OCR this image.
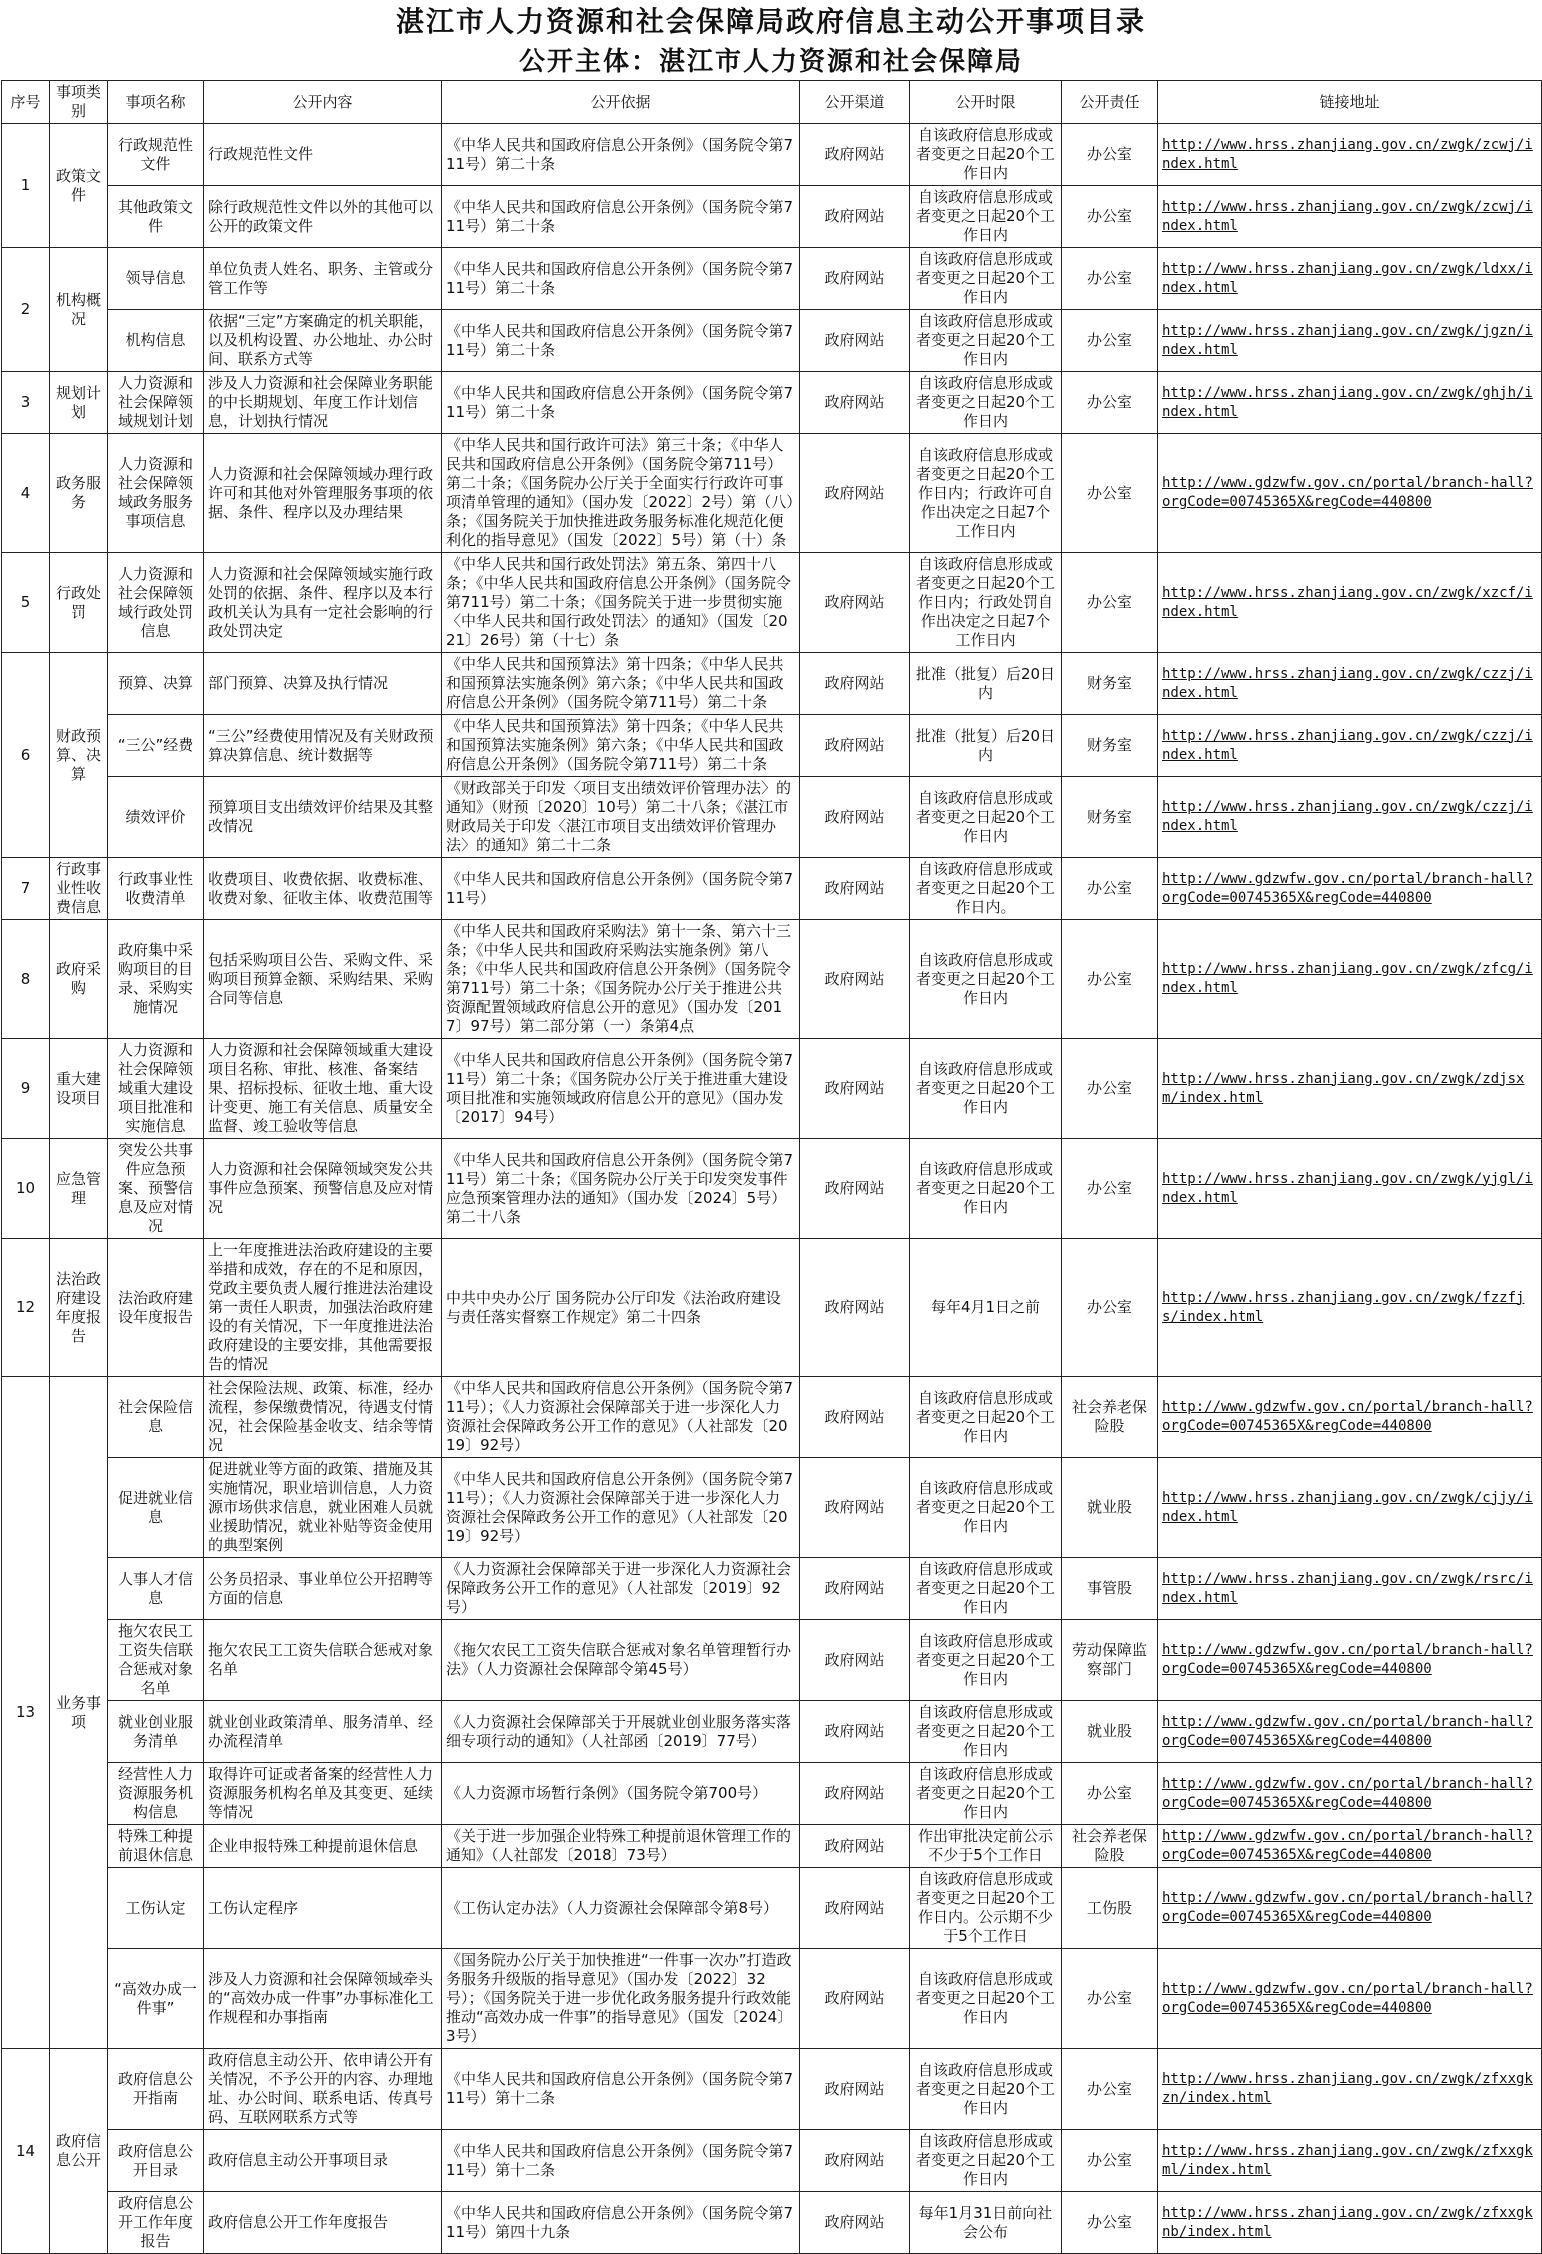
湛江市人力资源和社会保障局政府信息主动公开事项目录
公开主体：湛江市人力资源和社会保障局
序号	事项类别	事项名称	公开内容	公开依据	公开渠道	公开时限	公开责任	链接地址
1	政策文件	行政规范性文件	行政规范性文件	《中华人民共和国政府信息公开条例》（国务院令第711号）第二十条	政府网站	自该政府信息形成或者变更之日起20个工作日内	办公室	http://www.hrss.zhanjiang.gov.cn/zwgk/zcwj/index.html
		其他政策文件	除行政规范性文件以外的其他可以公开的政策文件	《中华人民共和国政府信息公开条例》（国务院令第711号）第二十条	政府网站	自该政府信息形成或者变更之日起20个工作日内	办公室	http://www.hrss.zhanjiang.gov.cn/zwgk/zcwj/index.html
2	机构概况	领导信息	单位负责人姓名、职务、主管或分管工作等	《中华人民共和国政府信息公开条例》（国务院令第711号）第二十条	政府网站	自该政府信息形成或者变更之日起20个工作日内	办公室	http://www.hrss.zhanjiang.gov.cn/zwgk/ldxx/index.html
		机构信息	依据“三定”方案确定的机关职能，以及机构设置、办公地址、办公时间、联系方式等	《中华人民共和国政府信息公开条例》（国务院令第711号）第二十条	政府网站	自该政府信息形成或者变更之日起20个工作日内	办公室	http://www.hrss.zhanjiang.gov.cn/zwgk/jgzn/index.html
3	规划计划	人力资源和社会保障领域规划计划	涉及人力资源和社会保障业务职能的中长期规划、年度工作计划信息，计划执行情况	《中华人民共和国政府信息公开条例》（国务院令第711号）第二十条	政府网站	自该政府信息形成或者变更之日起20个工作日内	办公室	http://www.hrss.zhanjiang.gov.cn/zwgk/ghjh/index.html
4	政务服务	人力资源和社会保障领域政务服务事项信息	人力资源和社会保障领域办理行政许可和其他对外管理服务事项的依据、条件、程序以及办理结果	《中华人民共和国行政许可法》第三十条；《中华人民共和国政府信息公开条例》（国务院令第711号）第二十条；《国务院办公厅关于全面实行行政许可事项清单管理的通知》（国办发〔2022〕2号）第（八）条；《国务院关于加快推进政务服务标准化规范化便利化的指导意见》（国发〔2022〕5号）第（十）条	政府网站	自该政府信息形成或者变更之日起20个工作日内；行政许可自作出决定之日起7个工作日内	办公室	http://www.gdzwfw.gov.cn/portal/branch-hall?orgCode=00745365X&regCode=440800
5	行政处罚	人力资源和社会保障领域行政处罚信息	人力资源和社会保障领域实施行政处罚的依据、条件、程序以及本行政机关认为具有一定社会影响的行政处罚决定	《中华人民共和国行政处罚法》第五条、第四十八条；《中华人民共和国政府信息公开条例》（国务院令第711号）第二十条；《国务院关于进一步贯彻实施〈中华人民共和国行政处罚法〉的通知》（国发〔2021〕26号）第（十七）条	政府网站	自该政府信息形成或者变更之日起20个工作日内；行政处罚自作出决定之日起7个工作日内	办公室	http://www.hrss.zhanjiang.gov.cn/zwgk/xzcf/index.html
6	财政预算、决算	预算、决算	部门预算、决算及执行情况	《中华人民共和国预算法》第十四条；《中华人民共和国预算法实施条例》第六条；《中华人民共和国政府信息公开条例》（国务院令第711号）第二十条	政府网站	批准（批复）后20日内	财务室	http://www.hrss.zhanjiang.gov.cn/zwgk/czzj/index.html
		“三公”经费	“三公”经费使用情况及有关财政预算决算信息、统计数据等	《中华人民共和国预算法》第十四条；《中华人民共和国预算法实施条例》第六条；《中华人民共和国政府信息公开条例》（国务院令第711号）第二十条	政府网站	批准（批复）后20日内	财务室	http://www.hrss.zhanjiang.gov.cn/zwgk/czzj/index.html
		绩效评价	预算项目支出绩效评价结果及其整改情况	《财政部关于印发〈项目支出绩效评价管理办法〉的通知》（财预〔2020〕10号）第二十八条；《湛江市财政局关于印发〈湛江市项目支出绩效评价管理办法〉的通知》第二十二条	政府网站	自该政府信息形成或者变更之日起20个工作日内	财务室	http://www.hrss.zhanjiang.gov.cn/zwgk/czzj/index.html
7	行政事业性收费信息	行政事业性收费清单	收费项目、收费依据、收费标准、收费对象、征收主体、收费范围等	《中华人民共和国政府信息公开条例》（国务院令第711号）	政府网站	自该政府信息形成或者变更之日起20个工作日内。	办公室	http://www.gdzwfw.gov.cn/portal/branch-hall?orgCode=00745365X&regCode=440800
8	政府采购	政府集中采购项目的目录、采购实施情况	包括采购项目公告、采购文件、采购项目预算金额、采购结果、采购合同等信息	《中华人民共和国政府采购法》第十一条、第六十三条；《中华人民共和国政府采购法实施条例》第八条；《中华人民共和国政府信息公开条例》（国务院令第711号）第二十条；《国务院办公厅关于推进公共资源配置领域政府信息公开的意见》（国办发〔2017〕97号）第二部分第（一）条第4点	政府网站	自该政府信息形成或者变更之日起20个工作日内	办公室	http://www.hrss.zhanjiang.gov.cn/zwgk/zfcg/index.html
9	重大建设项目	人力资源和社会保障领域重大建设项目批准和实施信息	人力资源和社会保障领域重大建设项目名称、审批、核准、备案结果、招标投标、征收土地、重大设计变更、施工有关信息、质量安全监督、竣工验收等信息	《中华人民共和国政府信息公开条例》（国务院令第711号）第二十条；《国务院办公厅关于推进重大建设项目批准和实施领域政府信息公开的意见》（国办发〔2017〕94号）	政府网站	自该政府信息形成或者变更之日起20个工作日内	办公室	http://www.hrss.zhanjiang.gov.cn/zwgk/zdjsxm/index.html
10	应急管理	突发公共事件应急预案、预警信息及应对情况	人力资源和社会保障领域突发公共事件应急预案、预警信息及应对情况	《中华人民共和国政府信息公开条例》（国务院令第711号）第二十条；《国务院办公厅关于印发突发事件应急预案管理办法的通知》（国办发〔2024〕5号）第二十八条	政府网站	自该政府信息形成或者变更之日起20个工作日内	办公室	http://www.hrss.zhanjiang.gov.cn/zwgk/yjgl/index.html
12	法治政府建设年度报告	法治政府建设年度报告	上一年度推进法治政府建设的主要举措和成效，存在的不足和原因，党政主要负责人履行推进法治建设第一责任人职责，加强法治政府建设的有关情况，下一年度推进法治政府建设的主要安排，其他需要报告的情况	中共中央办公厅 国务院办公厅印发《法治政府建设与责任落实督察工作规定》第二十四条	政府网站	每年4月1日之前	办公室	http://www.hrss.zhanjiang.gov.cn/zwgk/fzzfjs/index.html
13	业务事项	社会保险信息	社会保险法规、政策、标准，经办流程，参保缴费情况，待遇支付情况，社会保险基金收支、结余等情况	《中华人民共和国政府信息公开条例》（国务院令第711号）；《人力资源社会保障部关于进一步深化人力资源社会保障政务公开工作的意见》（人社部发〔2019〕92号）	政府网站	自该政府信息形成或者变更之日起20个工作日内	社会养老保险股	http://www.gdzwfw.gov.cn/portal/branch-hall?orgCode=00745365X&regCode=440800
		促进就业信息	促进就业等方面的政策、措施及其实施情况，职业培训信息，人力资源市场供求信息，就业困难人员就业援助情况，就业补贴等资金使用的典型案例	《中华人民共和国政府信息公开条例》（国务院令第711号）；《人力资源社会保障部关于进一步深化人力资源社会保障政务公开工作的意见》（人社部发〔2019〕92号）	政府网站	自该政府信息形成或者变更之日起20个工作日内	就业股	http://www.hrss.zhanjiang.gov.cn/zwgk/cjjy/index.html
		人事人才信息	公务员招录、事业单位公开招聘等方面的信息	《人力资源社会保障部关于进一步深化人力资源社会保障政务公开工作的意见》（人社部发〔2019〕92号）	政府网站	自该政府信息形成或者变更之日起20个工作日内	事管股	http://www.hrss.zhanjiang.gov.cn/zwgk/rsrc/index.html
		拖欠农民工工资失信联合惩戒对象名单	拖欠农民工工资失信联合惩戒对象名单	《拖欠农民工工资失信联合惩戒对象名单管理暂行办法》（人力资源社会保障部令第45号）	政府网站	自该政府信息形成或者变更之日起20个工作日内	劳动保障监察部门	http://www.gdzwfw.gov.cn/portal/branch-hall?orgCode=00745365X&regCode=440800
		就业创业服务清单	就业创业政策清单、服务清单、经办流程清单	《人力资源社会保障部关于开展就业创业服务落实落细专项行动的通知》（人社部函〔2019〕77号）	政府网站	自该政府信息形成或者变更之日起20个工作日内	就业股	http://www.gdzwfw.gov.cn/portal/branch-hall?orgCode=00745365X&regCode=440800
		经营性人力资源服务机构信息	取得许可证或者备案的经营性人力资源服务机构名单及其变更、延续等情况	《人力资源市场暂行条例》（国务院令第700号）	政府网站	自该政府信息形成或者变更之日起20个工作日内	办公室	http://www.gdzwfw.gov.cn/portal/branch-hall?orgCode=00745365X&regCode=440800
		特殊工种提前退休信息	企业申报特殊工种提前退休信息	《关于进一步加强企业特殊工种提前退休管理工作的通知》（人社部发〔2018〕73号）	政府网站	作出审批决定前公示不少于5个工作日	社会养老保险股	http://www.gdzwfw.gov.cn/portal/branch-hall?orgCode=00745365X&regCode=440800
		工伤认定	工伤认定程序	《工伤认定办法》（人力资源社会保障部令第8号）	政府网站	自该政府信息形成或者变更之日起20个工作日内。公示期不少于5个工作日	工伤股	http://www.gdzwfw.gov.cn/portal/branch-hall?orgCode=00745365X&regCode=440800
		“高效办成一件事”	涉及人力资源和社会保障领域牵头的“高效办成一件事”办事标准化工作规程和办事指南	《国务院办公厅关于加快推进“一件事一次办”打造政务服务升级版的指导意见》（国办发〔2022〕32号）；《国务院关于进一步优化政务服务提升行政效能推动“高效办成一件事”的指导意见》（国发〔2024〕3号）	政府网站	自该政府信息形成或者变更之日起20个工作日内	办公室	http://www.gdzwfw.gov.cn/portal/branch-hall?orgCode=00745365X&regCode=440800
14	政府信息公开	政府信息公开指南	政府信息主动公开、依申请公开有关情况，不予公开的内容、办理地址、办公时间、联系电话、传真号码、互联网联系方式等	《中华人民共和国政府信息公开条例》（国务院令第711号）第十二条	政府网站	自该政府信息形成或者变更之日起20个工作日内	办公室	http://www.hrss.zhanjiang.gov.cn/zwgk/zfxxgkzn/index.html
		政府信息公开目录	政府信息主动公开事项目录	《中华人民共和国政府信息公开条例》（国务院令第711号）第十二条	政府网站	自该政府信息形成或者变更之日起20个工作日内	办公室	http://www.hrss.zhanjiang.gov.cn/zwgk/zfxxgkml/index.html
		政府信息公开工作年度报告	政府信息公开工作年度报告	《中华人民共和国政府信息公开条例》（国务院令第711号）第四十九条	政府网站	每年1月31日前向社会公布	办公室	http://www.hrss.zhanjiang.gov.cn/zwgk/zfxxgknb/index.html
